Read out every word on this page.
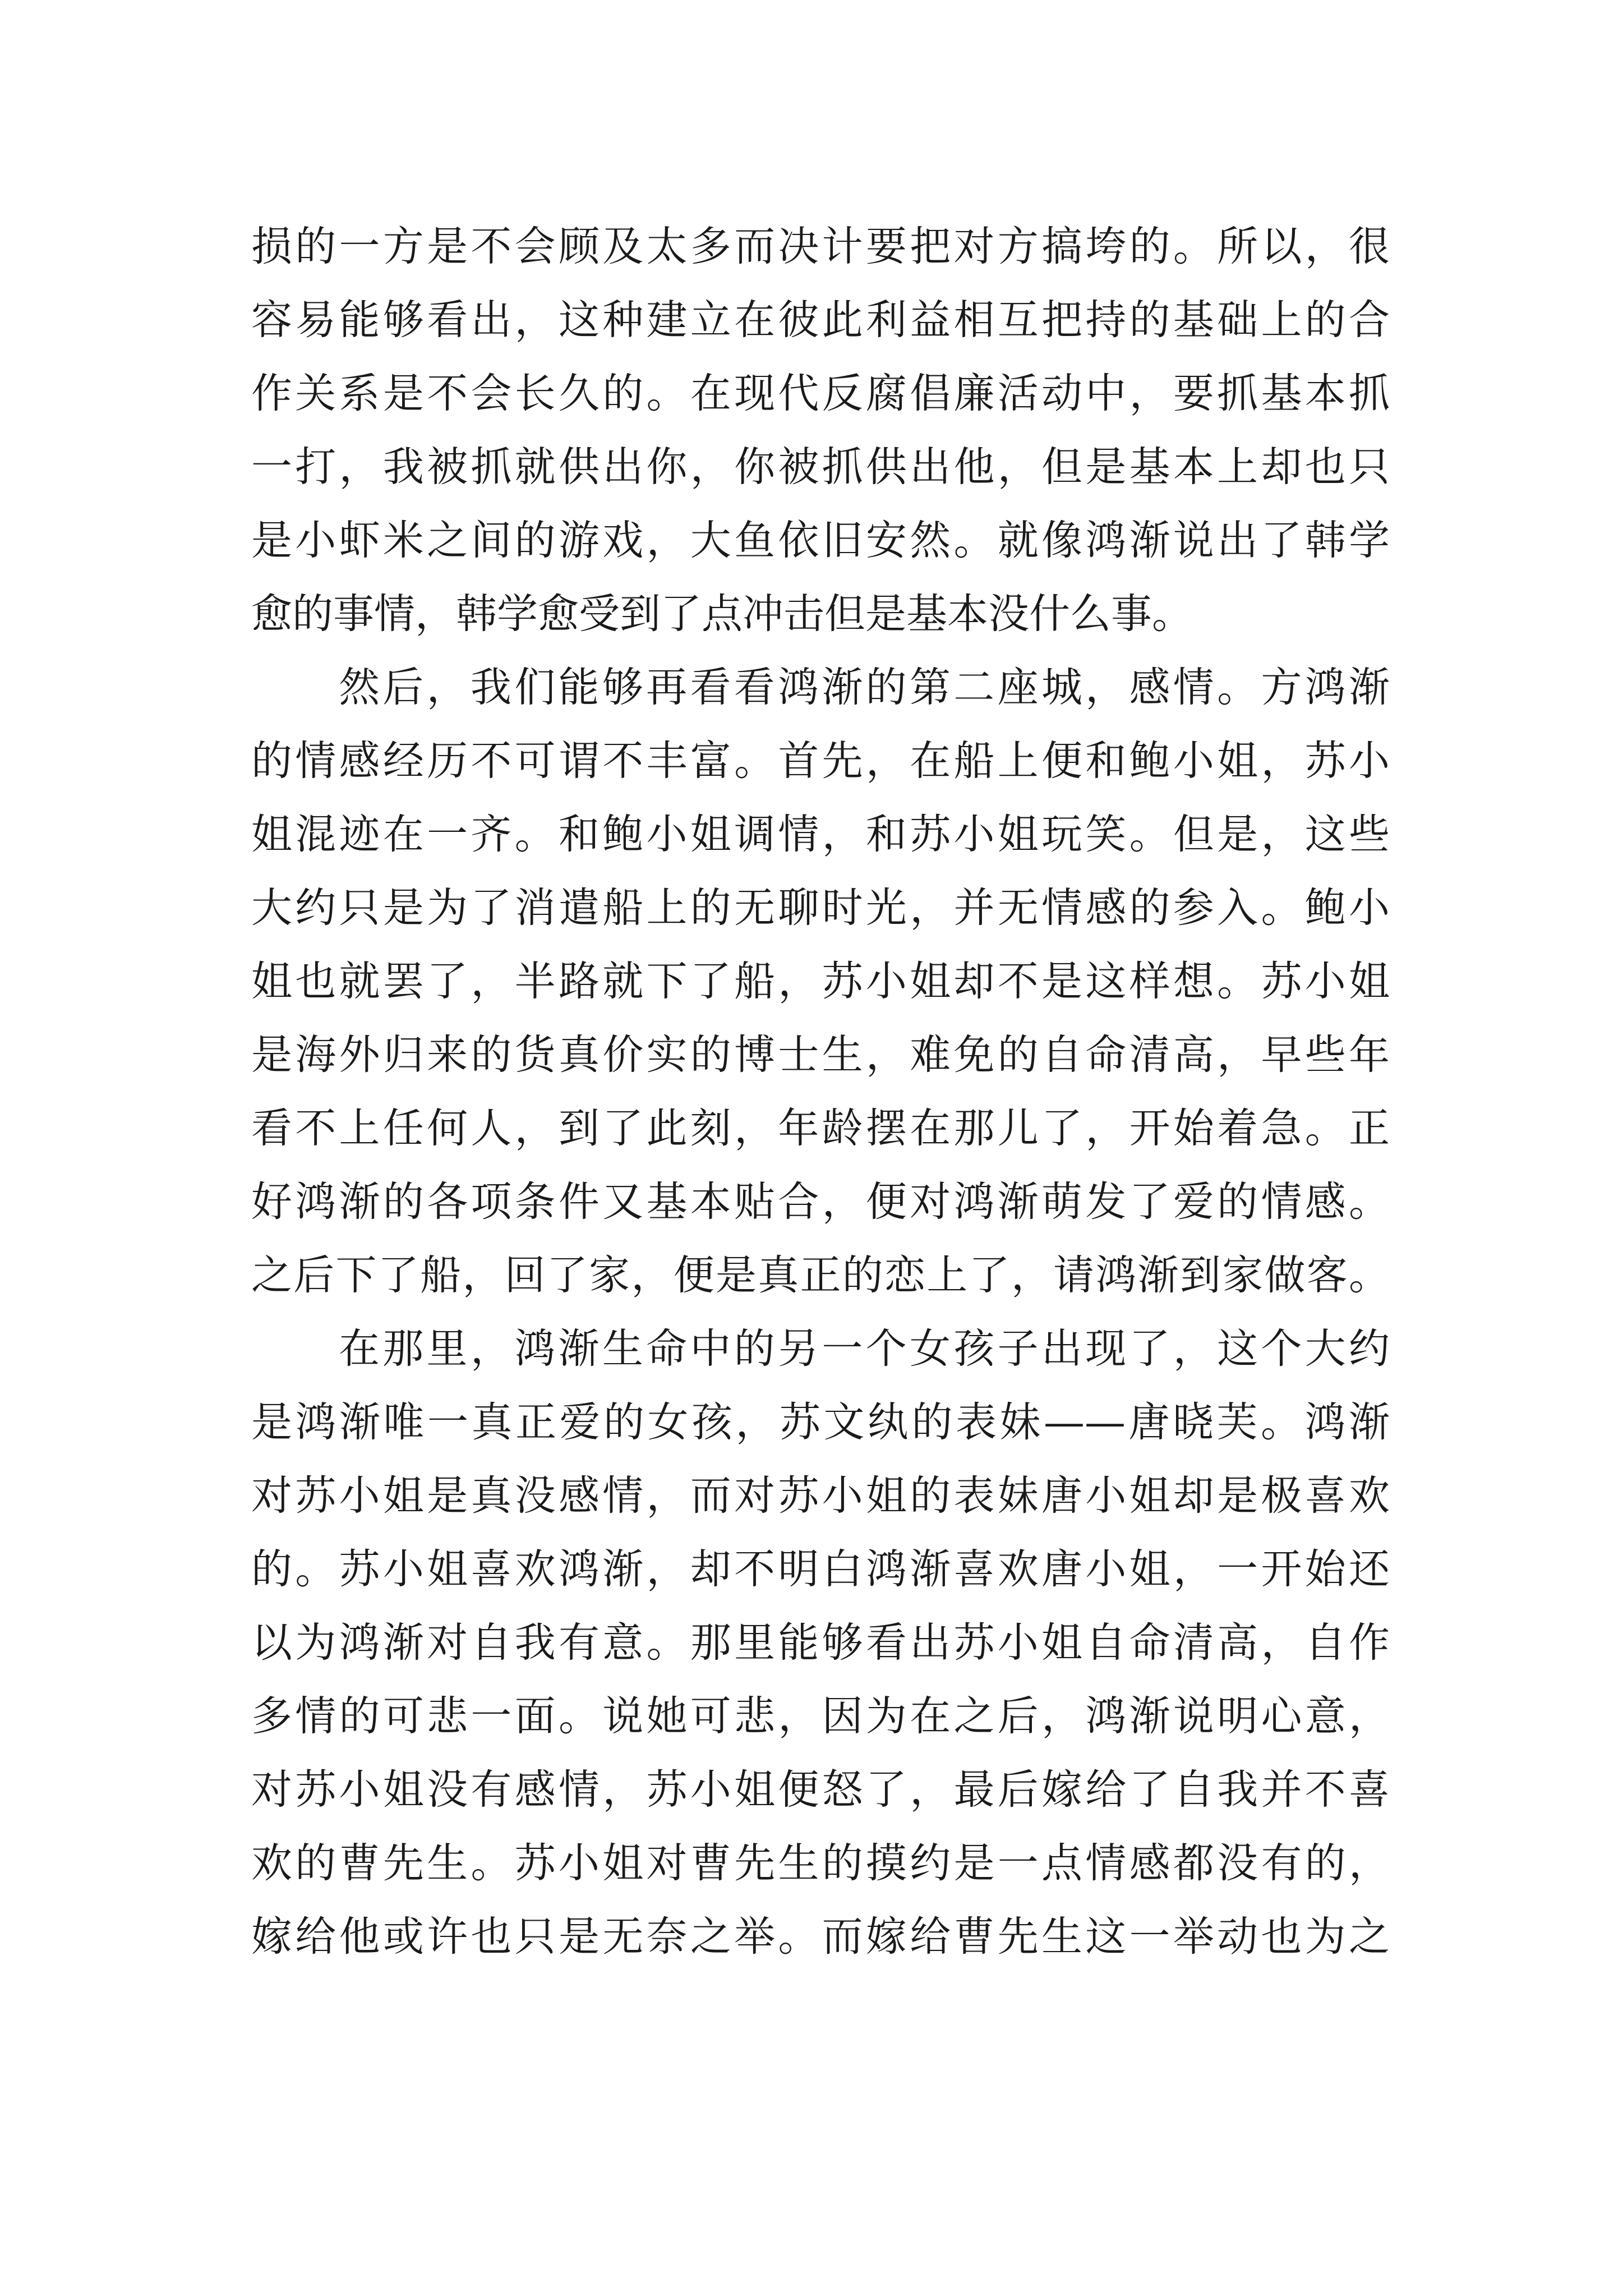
损的一方是不会顾及太多而决计要把对方搞垮的。所以，很
容易能够看出，这种建立在彼此利益相互把持的基础上的合
作关系是不会长久的。在现代反腐倡廉活动中，要抓基本抓
一打，我被抓就供出你，你被抓供出他，但是基本上却也只
是小虾米之间的游戏，大鱼依旧安然。就像鸿渐说出了韩学
愈的事情，韩学愈受到了点冲击但是基本没什么事。
然后，我们能够再看看鸿渐的第二座城，感情。方鸿渐
的情感经历不可谓不丰富。首先，在船上便和鲍小姐，苏小
姐混迹在一齐。和鲍小姐调情，和苏小姐玩笑。但是，这些
大约只是为了消遣船上的无聊时光，并无情感的参入。鲍小
姐也就罢了，半路就下了船，苏小姐却不是这样想。苏小姐
是海外归来的货真价实的博士生，难免的自命清高，早些年
看不上任何人，到了此刻，年龄摆在那儿了，开始着急。正
好鸿渐的各项条件又基本贴合，便对鸿渐萌发了爱的情感。
之后下了船，回了家，便是真正的恋上了，请鸿渐到家做客。
在那里，鸿渐生命中的另一个女孩子出现了，这个大约
是鸿渐唯一真正爱的女孩，苏文纨的表妹——唐晓芙。鸿渐
对苏小姐是真没感情，而对苏小姐的表妹唐小姐却是极喜欢
的。苏小姐喜欢鸿渐，却不明白鸿渐喜欢唐小姐，一开始还
以为鸿渐对自我有意。那里能够看出苏小姐自命清高，自作
多情的可悲一面。说她可悲，因为在之后，鸿渐说明心意，
对苏小姐没有感情，苏小姐便怒了，最后嫁给了自我并不喜
欢的曹先生。苏小姐对曹先生的摸约是一点情感都没有的，
嫁给他或许也只是无奈之举。而嫁给曹先生这一举动也为之
